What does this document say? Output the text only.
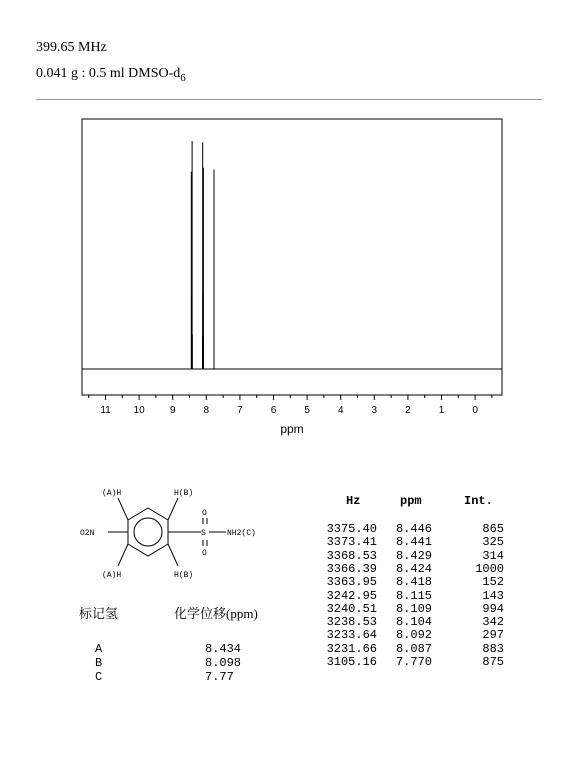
399.65 MHz
0.041 g : 0.5 ml DMSO-$d_6$
11 10	9	8	7	6	5	4	3	2	1	0
ppm
(A)H	H(B)
(A)H	H(B)
O2N	S
O
O
NH2(C)
标记氢	化学位移(ppm)
A	8.434
B	8.098
C	7.77
Hz	ppm	Int.
3375.40 8.446	865
3373.41 8.441	325
3368.53 8.429	314
3366.39 8.424	1000
3363.95 8.418	152
3242.95 8.115	143
3240.51 8.109	994
3238.53 8.104	342
3233.64 8.092	297
3231.66 8.087	883
3105.16 7.770	875
